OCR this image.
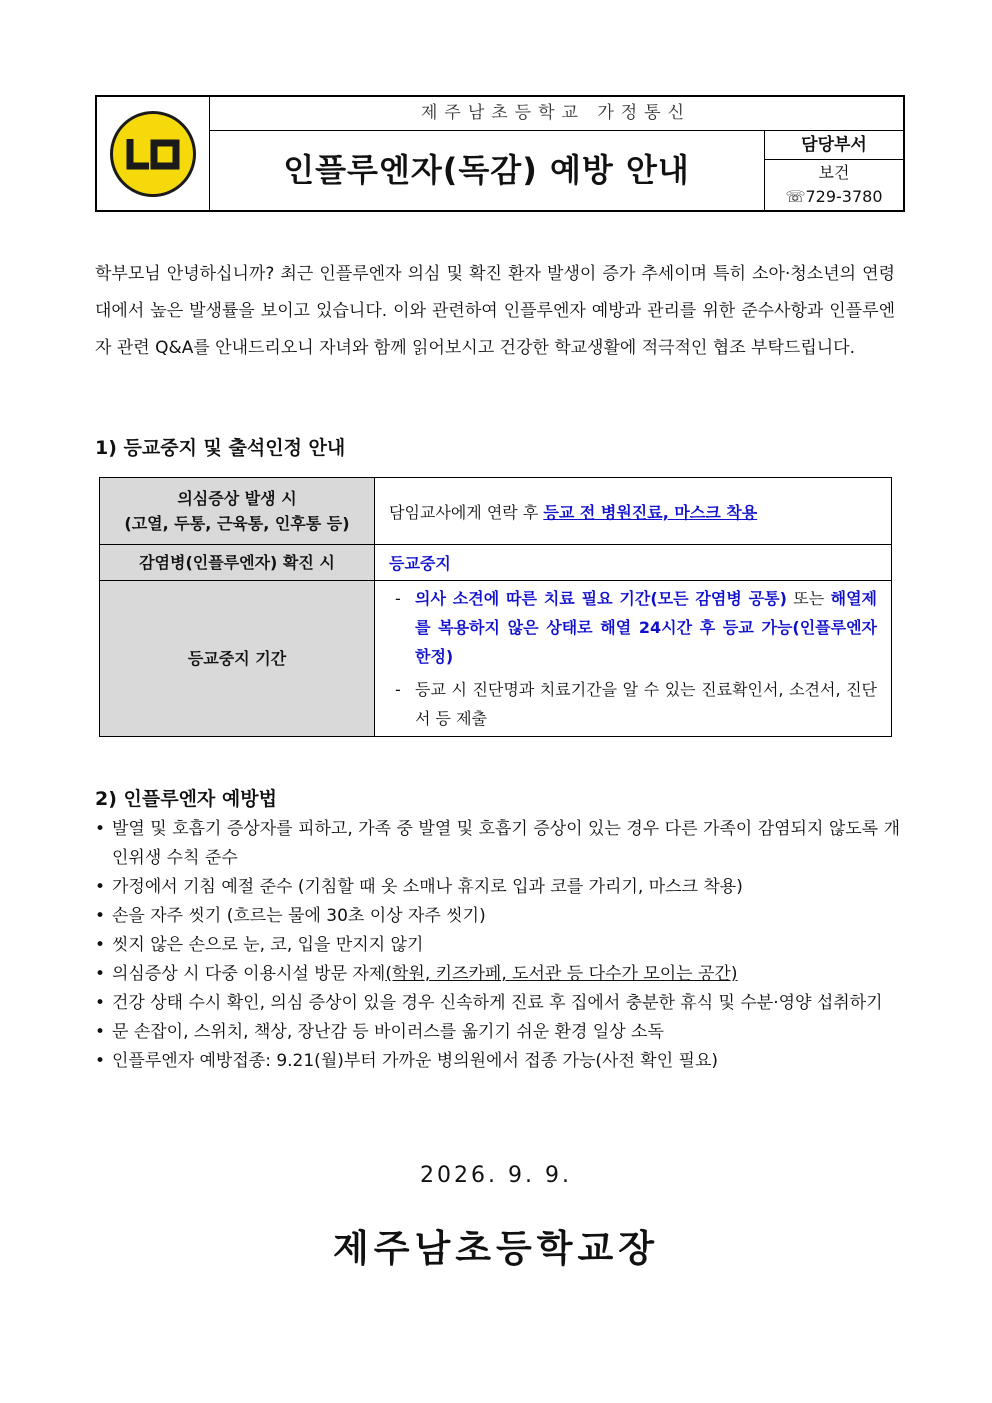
제주남초등학교 가정통신
인플루엔자(독감) 예방 안내
담당부서
보건
☏729-3780
학부모님 안녕하십니까? 최근 인플루엔자 의심 및 확진 환자 발생이 증가 추세이며 특히 소아·청소년의 연령대에서 높은 발생률을 보이고 있습니다. 이와 관련하여 인플루엔자 예방과 관리를 위한 준수사항과 인플루엔자 관련 Q&A를 안내드리오니 자녀와 함께 읽어보시고 건강한 학교생활에 적극적인 협조 부탁드립니다.
1) 등교중지 및 출석인정 안내
의심증상 발생 시
(고열, 두통, 근육통, 인후통 등)	담임교사에게 연락 후 등교 전 병원진료, 마스크 착용
감염병(인플루엔자) 확진 시	등교중지
등교중지 기간	- 의사 소견에 따른 치료 필요 기간(모든 감염병 공통) 또는 해열제를 복용하지 않은 상태로 해열 24시간 후 등교 가능(인플루엔자 한정)
- 등교 시 진단명과 치료기간을 알 수 있는 진료확인서, 소견서, 진단서 등 제출
2) 인플루엔자 예방법
• 발열 및 호흡기 증상자를 피하고, 가족 중 발열 및 호흡기 증상이 있는 경우 다른 가족이 감염되지 않도록 개인위생 수칙 준수
• 가정에서 기침 예절 준수 (기침할 때 옷 소매나 휴지로 입과 코를 가리기, 마스크 착용)
• 손을 자주 씻기 (흐르는 물에 30초 이상 자주 씻기)
• 씻지 않은 손으로 눈, 코, 입을 만지지 않기
• 의심증상 시 다중 이용시설 방문 자제(학원, 키즈카페, 도서관 등 다수가 모이는 공간)
• 건강 상태 수시 확인, 의심 증상이 있을 경우 신속하게 진료 후 집에서 충분한 휴식 및 수분·영양 섭취하기
• 문 손잡이, 스위치, 책상, 장난감 등 바이러스를 옮기기 쉬운 환경 일상 소독
• 인플루엔자 예방접종: 9.21(월)부터 가까운 병의원에서 접종 가능(사전 확인 필요)
2026. 9. 9.
제주남초등학교장
